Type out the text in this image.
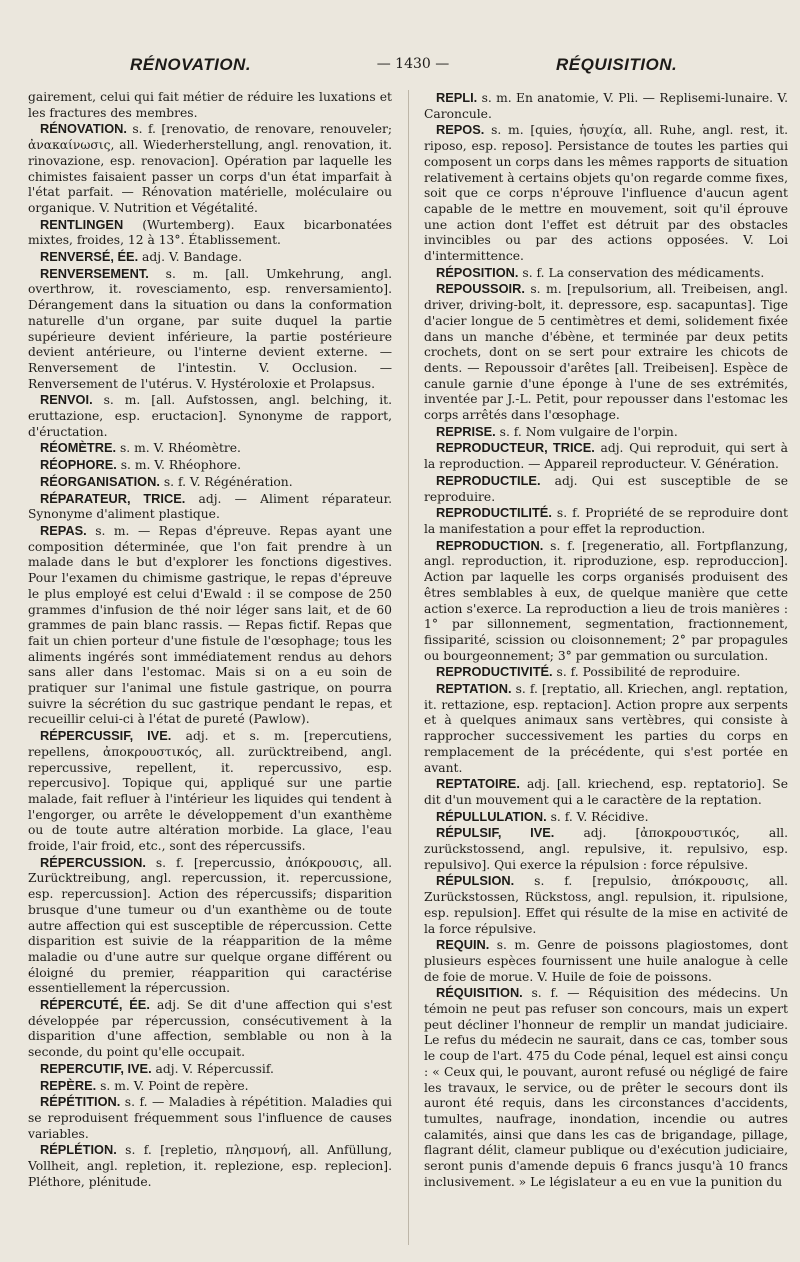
RÉNOVATION.	— 1430 —	RÉQUISITION.

gairement, celui qui fait métier de réduire les luxations et les fractures des membres.

RÉNOVATION. s. f. [renovatio, de renovare, renouveler; ἀνακαίνωσις, all. Wiederherstellung, angl. renovation, it. rinovazione, esp. renovacion]. Opération par laquelle les chimistes faisaient passer un corps d'un état imparfait à l'état parfait. — Rénovation matérielle, moléculaire ou organique. V. Nutrition et Végétalité.

RENTLINGEN (Wurtemberg). Eaux bicarbonatées mixtes, froides, 12 à 13°. Établissement.

RENVERSÉ, ÉE. adj. V. Bandage.

RENVERSEMENT. s. m. [all. Umkehrung, angl. overthrow, it. rovesciamento, esp. renversamiento]. Dérangement dans la situation ou dans la conformation naturelle d'un organe, par suite duquel la partie supérieure devient inférieure, la partie postérieure devient antérieure, ou l'interne devient externe. — Renversement de l'intestin. V. Occlusion. — Renversement de l'utérus. V. Hystéroloxie et Prolapsus.

RENVOI. s. m. [all. Aufstossen, angl. belching, it. eruttazione, esp. eructacion]. Synonyme de rapport, d'éructation.

RÉOMÈTRE. s. m. V. Rhéomètre.

RÉOPHORE. s. m. V. Rhéophore.

RÉORGANISATION. s. f. V. Régénération.

RÉPARATEUR, TRICE. adj. — Aliment réparateur. Synonyme d'aliment plastique.

REPAS. s. m. — Repas d'épreuve. Repas ayant une composition déterminée, que l'on fait prendre à un malade dans le but d'explorer les fonctions digestives. Pour l'examen du chimisme gastrique, le repas d'épreuve le plus employé est celui d'Ewald : il se compose de 250 grammes d'infusion de thé noir léger sans lait, et de 60 grammes de pain blanc rassis. — Repas fictif. Repas que fait un chien porteur d'une fistule de l'œsophage; tous les aliments ingérés sont immédiatement rendus au dehors sans aller dans l'estomac. Mais si on a eu soin de pratiquer sur l'animal une fistule gastrique, on pourra suivre la sécrétion du suc gastrique pendant le repas, et recueillir celui-ci à l'état de pureté (Pawlow).

RÉPERCUSSIF, IVE. adj. et s. m. [repercutiens, repellens, ἀποκρουστικός, all. zurücktreibend, angl. repercussive, repellent, it. repercussivo, esp. repercusivo]. Topique qui, appliqué sur une partie malade, fait refluer à l'intérieur les liquides qui tendent à l'engorger, ou arrête le développement d'un exanthème ou de toute autre altération morbide. La glace, l'eau froide, l'air froid, etc., sont des répercussifs.

RÉPERCUSSION. s. f. [repercussio, ἀπόκρουσις, all. Zurücktreibung, angl. repercussion, it. repercussione, esp. repercussion]. Action des répercussifs; disparition brusque d'une tumeur ou d'un exanthème ou de toute autre affection qui est susceptible de répercussion. Cette disparition est suivie de la réapparition de la même maladie ou d'une autre sur quelque organe différent ou éloigné du premier, réapparition qui caractérise essentiellement la répercussion.

RÉPERCUTÉ, ÉE. adj. Se dit d'une affection qui s'est développée par répercussion, consécutivement à la disparition d'une affection, semblable ou non à la seconde, du point qu'elle occupait.

REPERCUTIF, IVE. adj. V. Répercussif.

REPÈRE. s. m. V. Point de repère.

RÉPÉTITION. s. f. — Maladies à répétition. Maladies qui se reproduisent fréquemment sous l'influence de causes variables.

RÉPLÉTION. s. f. [repletio, πλησμονή, all. Anfüllung, Vollheit, angl. repletion, it. replezione, esp. replecion]. Pléthore, plénitude.

REPLI. s. m. En anatomie, V. Pli. — Replisemi-lunaire. V. Caroncule.

REPOS. s. m. [quies, ἡσυχία, all. Ruhe, angl. rest, it. riposo, esp. reposo]. Persistance de toutes les parties qui composent un corps dans les mêmes rapports de situation relativement à certains objets qu'on regarde comme fixes, soit que ce corps n'éprouve l'influence d'aucun agent capable de le mettre en mouvement, soit qu'il éprouve une action dont l'effet est détruit par des obstacles invincibles ou par des actions opposées. V. Loi d'intermittence.

RÉPOSITION. s. f. La conservation des médicaments.

REPOUSSOIR. s. m. [repulsorium, all. Treibeisen, angl. driver, driving-bolt, it. depressore, esp. sacapuntas]. Tige d'acier longue de 5 centimètres et demi, solidement fixée dans un manche d'ébène, et terminée par deux petits crochets, dont on se sert pour extraire les chicots de dents. — Repoussoir d'arêtes [all. Treibeisen]. Espèce de canule garnie d'une éponge à l'une de ses extrémités, inventée par J.-L. Petit, pour repousser dans l'estomac les corps arrêtés dans l'œsophage.

REPRISE. s. f. Nom vulgaire de l'orpin.

REPRODUCTEUR, TRICE. adj. Qui reproduit, qui sert à la reproduction. — Appareil reproducteur. V. Génération.

REPRODUCTILE. adj. Qui est susceptible de se reproduire.

REPRODUCTILITÉ. s. f. Propriété de se reproduire dont la manifestation a pour effet la reproduction.

REPRODUCTION. s. f. [regeneratio, all. Fortpflanzung, angl. reproduction, it. riproduzione, esp. reproduccion]. Action par laquelle les corps organisés produisent des êtres semblables à eux, de quelque manière que cette action s'exerce. La reproduction a lieu de trois manières : 1° par sillonnement, segmentation, fractionnement, fissiparité, scission ou cloisonnement; 2° par propagules ou bourgeonnement; 3° par gemmation ou surculation.

REPRODUCTIVITÉ. s. f. Possibilité de reproduire.

REPTATION. s. f. [reptatio, all. Kriechen, angl. reptation, it. rettazione, esp. reptacion]. Action propre aux serpents et à quelques animaux sans vertèbres, qui consiste à rapprocher successivement les parties du corps en remplacement de la précédente, qui s'est portée en avant.

REPTATOIRE. adj. [all. kriechend, esp. reptatorio]. Se dit d'un mouvement qui a le caractère de la reptation.

RÉPULLULATION. s. f. V. Récidive.

RÉPULSIF, IVE. adj. [ἀποκρουστικός, all. zurückstossend, angl. repulsive, it. repulsivo, esp. repulsivo]. Qui exerce la répulsion : force répulsive.

RÉPULSION. s. f. [repulsio, ἀπόκρουσις, all. Zurückstossen, Rückstoss, angl. repulsion, it. ripulsione, esp. repulsion]. Effet qui résulte de la mise en activité de la force répulsive.

REQUIN. s. m. Genre de poissons plagiostomes, dont plusieurs espèces fournissent une huile analogue à celle de foie de morue. V. Huile de foie de poissons.

RÉQUISITION. s. f. — Réquisition des médecins. Un témoin ne peut pas refuser son concours, mais un expert peut décliner l'honneur de remplir un mandat judiciaire. Le refus du médecin ne saurait, dans ce cas, tomber sous le coup de l'art. 475 du Code pénal, lequel est ainsi conçu : « Ceux qui, le pouvant, auront refusé ou négligé de faire les travaux, le service, ou de prêter le secours dont ils auront été requis, dans les circonstances d'accidents, tumultes, naufrage, inondation, incendie ou autres calamités, ainsi que dans les cas de brigandage, pillage, flagrant délit, clameur publique ou d'exécution judiciaire, seront punis d'amende depuis 6 francs jusqu'à 10 francs inclusivement. » Le législateur a eu en vue la punition du
